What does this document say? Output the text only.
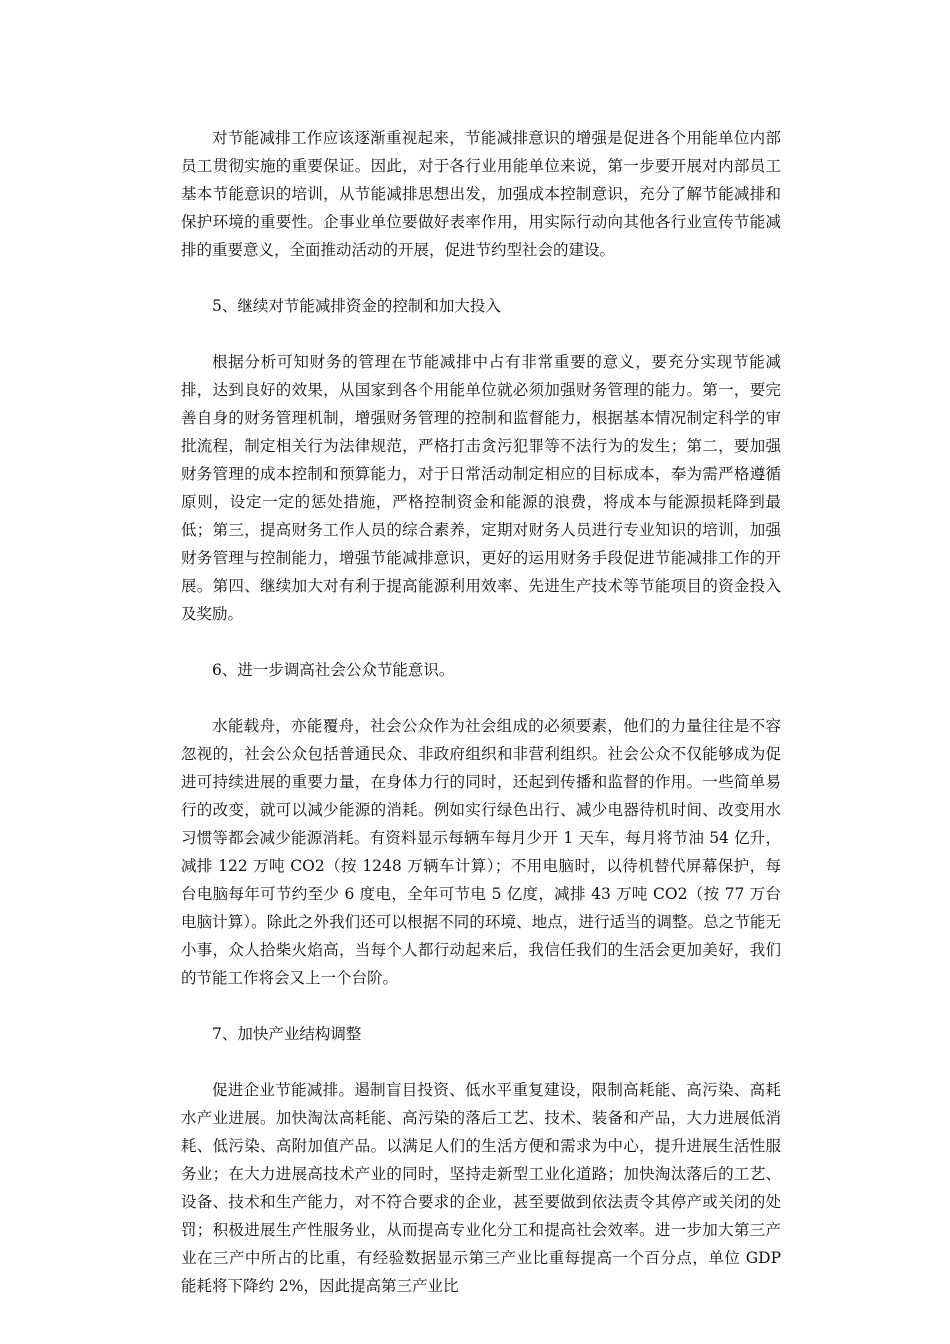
对节能减排工作应该逐渐重视起来，节能减排意识的增强是促进各个用能单位内部员工贯彻实施的重要保证。因此，对于各行业用能单位来说，第一步要开展对内部员工基本节能意识的培训，从节能减排思想出发，加强成本控制意识，充分了解节能减排和保护环境的重要性。企事业单位要做好表率作用，用实际行动向其他各行业宣传节能减排的重要意义，全面推动活动的开展，促进节约型社会的建设。

5、继续对节能减排资金的控制和加大投入

根据分析可知财务的管理在节能减排中占有非常重要的意义，要充分实现节能减排，达到良好的效果，从国家到各个用能单位就必须加强财务管理的能力。第一，要完善自身的财务管理机制，增强财务管理的控制和监督能力，根据基本情况制定科学的审批流程，制定相关行为法律规范，严格打击贪污犯罪等不法行为的发生；第二，要加强财务管理的成本控制和预算能力，对于日常活动制定相应的目标成本，奉为需严格遵循原则，设定一定的惩处措施，严格控制资金和能源的浪费，将成本与能源损耗降到最低；第三，提高财务工作人员的综合素养，定期对财务人员进行专业知识的培训，加强财务管理与控制能力，增强节能减排意识，更好的运用财务手段促进节能减排工作的开展。第四、继续加大对有利于提高能源利用效率、先进生产技术等节能项目的资金投入及奖励。

6、进一步调高社会公众节能意识。

水能载舟，亦能覆舟，社会公众作为社会组成的必须要素，他们的力量往往是不容忽视的，社会公众包括普通民众、非政府组织和非营利组织。社会公众不仅能够成为促进可持续进展的重要力量，在身体力行的同时，还起到传播和监督的作用。一些简单易行的改变，就可以减少能源的消耗。例如实行绿色出行、减少电器待机时间、改变用水习惯等都会减少能源消耗。有资料显示每辆车每月少开 1 天车，每月将节油 54 亿升，减排 122 万吨 CO2（按 1248 万辆车计算）；不用电脑时，以待机替代屏幕保护，每台电脑每年可节约至少 6 度电，全年可节电 5 亿度，减排 43 万吨 CO2（按 77 万台电脑计算）。除此之外我们还可以根据不同的环境、地点，进行适当的调整。总之节能无小事，众人拾柴火焰高，当每个人都行动起来后，我信任我们的生活会更加美好，我们的节能工作将会又上一个台阶。

7、加快产业结构调整

促进企业节能减排。遏制盲目投资、低水平重复建设，限制高耗能、高污染、高耗水产业进展。加快淘汰高耗能、高污染的落后工艺、技术、装备和产品，大力进展低消耗、低污染、高附加值产品。以满足人们的生活方便和需求为中心，提升进展生活性服务业；在大力进展高技术产业的同时，坚持走新型工业化道路；加快淘汰落后的工艺、设备、技术和生产能力，对不符合要求的企业，甚至要做到依法责令其停产或关闭的处罚；积极进展生产性服务业，从而提高专业化分工和提高社会效率。进一步加大第三产业在三产中所占的比重，有经验数据显示第三产业比重每提高一个百分点，单位 GDP 能耗将下降约 2%，因此提高第三产业比
